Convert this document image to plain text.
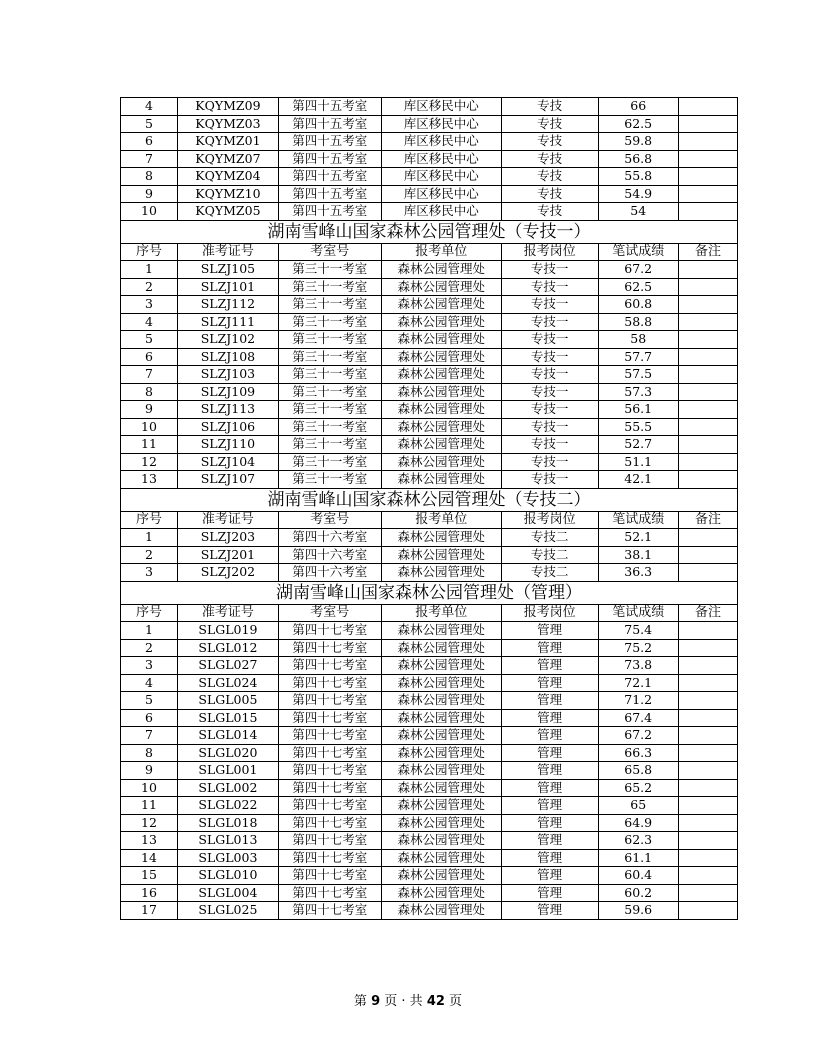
4	KQYMZ09	第四十五考室	库区移民中心	专技	66	
5	KQYMZ03	第四十五考室	库区移民中心	专技	62.5	
6	KQYMZ01	第四十五考室	库区移民中心	专技	59.8	
7	KQYMZ07	第四十五考室	库区移民中心	专技	56.8	
8	KQYMZ04	第四十五考室	库区移民中心	专技	55.8	
9	KQYMZ10	第四十五考室	库区移民中心	专技	54.9	
10	KQYMZ05	第四十五考室	库区移民中心	专技	54	
湖南雪峰山国家森林公园管理处（专技一）						
序号	准考证号	考室号	报考单位	报考岗位	笔试成绩	备注
1	SLZJ105	第三十一考室	森林公园管理处	专技一	67.2	
2	SLZJ101	第三十一考室	森林公园管理处	专技一	62.5	
3	SLZJ112	第三十一考室	森林公园管理处	专技一	60.8	
4	SLZJ111	第三十一考室	森林公园管理处	专技一	58.8	
5	SLZJ102	第三十一考室	森林公园管理处	专技一	58	
6	SLZJ108	第三十一考室	森林公园管理处	专技一	57.7	
7	SLZJ103	第三十一考室	森林公园管理处	专技一	57.5	
8	SLZJ109	第三十一考室	森林公园管理处	专技一	57.3	
9	SLZJ113	第三十一考室	森林公园管理处	专技一	56.1	
10	SLZJ106	第三十一考室	森林公园管理处	专技一	55.5	
11	SLZJ110	第三十一考室	森林公园管理处	专技一	52.7	
12	SLZJ104	第三十一考室	森林公园管理处	专技一	51.1	
13	SLZJ107	第三十一考室	森林公园管理处	专技一	42.1	
湖南雪峰山国家森林公园管理处（专技二）						
序号	准考证号	考室号	报考单位	报考岗位	笔试成绩	备注
1	SLZJ203	第四十六考室	森林公园管理处	专技二	52.1	
2	SLZJ201	第四十六考室	森林公园管理处	专技二	38.1	
3	SLZJ202	第四十六考室	森林公园管理处	专技二	36.3	
湖南雪峰山国家森林公园管理处（管理）						
序号	准考证号	考室号	报考单位	报考岗位	笔试成绩	备注
1	SLGL019	第四十七考室	森林公园管理处	管理	75.4	
2	SLGL012	第四十七考室	森林公园管理处	管理	75.2	
3	SLGL027	第四十七考室	森林公园管理处	管理	73.8	
4	SLGL024	第四十七考室	森林公园管理处	管理	72.1	
5	SLGL005	第四十七考室	森林公园管理处	管理	71.2	
6	SLGL015	第四十七考室	森林公园管理处	管理	67.4	
7	SLGL014	第四十七考室	森林公园管理处	管理	67.2	
8	SLGL020	第四十七考室	森林公园管理处	管理	66.3	
9	SLGL001	第四十七考室	森林公园管理处	管理	65.8	
10	SLGL002	第四十七考室	森林公园管理处	管理	65.2	
11	SLGL022	第四十七考室	森林公园管理处	管理	65	
12	SLGL018	第四十七考室	森林公园管理处	管理	64.9	
13	SLGL013	第四十七考室	森林公园管理处	管理	62.3	
14	SLGL003	第四十七考室	森林公园管理处	管理	61.1	
15	SLGL010	第四十七考室	森林公园管理处	管理	60.4	
16	SLGL004	第四十七考室	森林公园管理处	管理	60.2	
17	SLGL025	第四十七考室	森林公园管理处	管理	59.6	
第 9 页 · 共 42 页
